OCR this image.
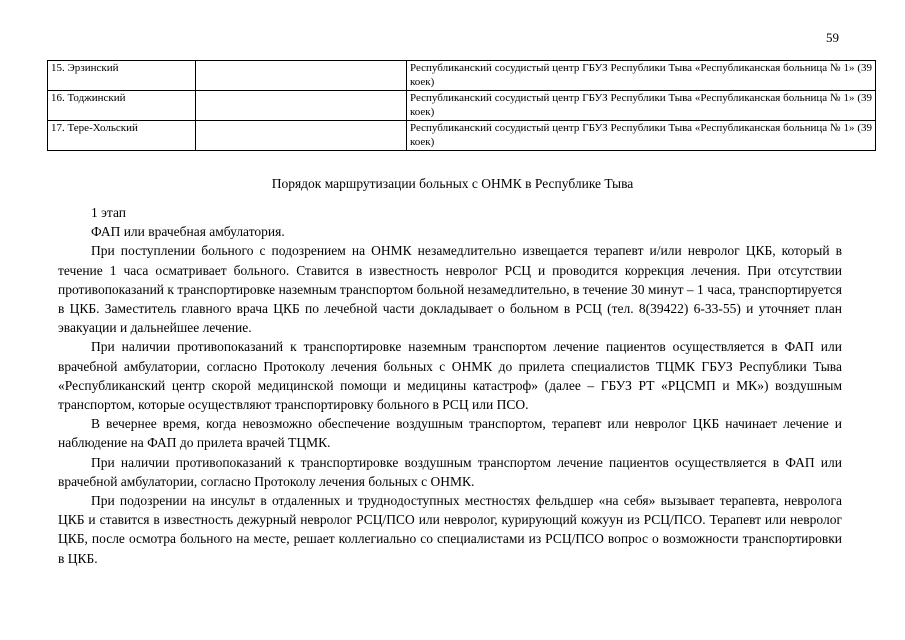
59
15. Эрзинский		Республиканский сосудистый центр ГБУЗ Республики Тыва «Республиканская больница № 1» (39 коек)
16. Тоджинский		Республиканский сосудистый центр ГБУЗ Республики Тыва «Республиканская больница № 1» (39 коек)
17. Тере-Хольский		Республиканский сосудистый центр ГБУЗ Республики Тыва «Республиканская больница № 1» (39 коек)
Порядок маршрутизации больных с ОНМК в Республике Тыва

1 этап

ФАП или врачебная амбулатория.

При поступлении больного с подозрением на ОНМК незамедлительно извещается терапевт и/или невролог ЦКБ, который в течение 1 часа осматривает больного. Ставится в известность невролог РСЦ и проводится коррекция лечения. При отсутствии противопоказаний к транспортировке наземным транспортом больной незамедлительно, в течение 30 минут – 1 часа, транспортируется в ЦКБ. Заместитель главного врача ЦКБ по лечебной части докладывает о больном в РСЦ (тел. 8(39422) 6-33-55) и уточняет план эвакуации и дальнейшее лечение.

При наличии противопоказаний к транспортировке наземным транспортом лечение пациентов осуществляется в ФАП или врачебной амбулатории, согласно Протоколу лечения больных с ОНМК до прилета специалистов ТЦМК ГБУЗ Республики Тыва «Республиканский центр скорой медицинской помощи и медицины катастроф» (далее – ГБУЗ РТ «РЦСМП и МК») воздушным транспортом, которые осуществляют транспортировку больного в РСЦ или ПСО.

В вечернее время, когда невозможно обеспечение воздушным транспортом, терапевт или невролог ЦКБ начинает лечение и наблюдение на ФАП до прилета врачей ТЦМК.

При наличии противопоказаний к транспортировке воздушным транспортом лечение пациентов осуществляется в ФАП или врачебной амбулатории, согласно Протоколу лечения больных с ОНМК.

При подозрении на инсульт в отдаленных и труднодоступных местностях фельдшер «на себя» вызывает терапевта, невролога ЦКБ и ставится в известность дежурный невролог РСЦ/ПСО или невролог, курирующий кожуун из РСЦ/ПСО. Терапевт или невролог ЦКБ, после осмотра больного на месте, решает коллегиально со специалистами из РСЦ/ПСО вопрос о возможности транспортировки в ЦКБ.
